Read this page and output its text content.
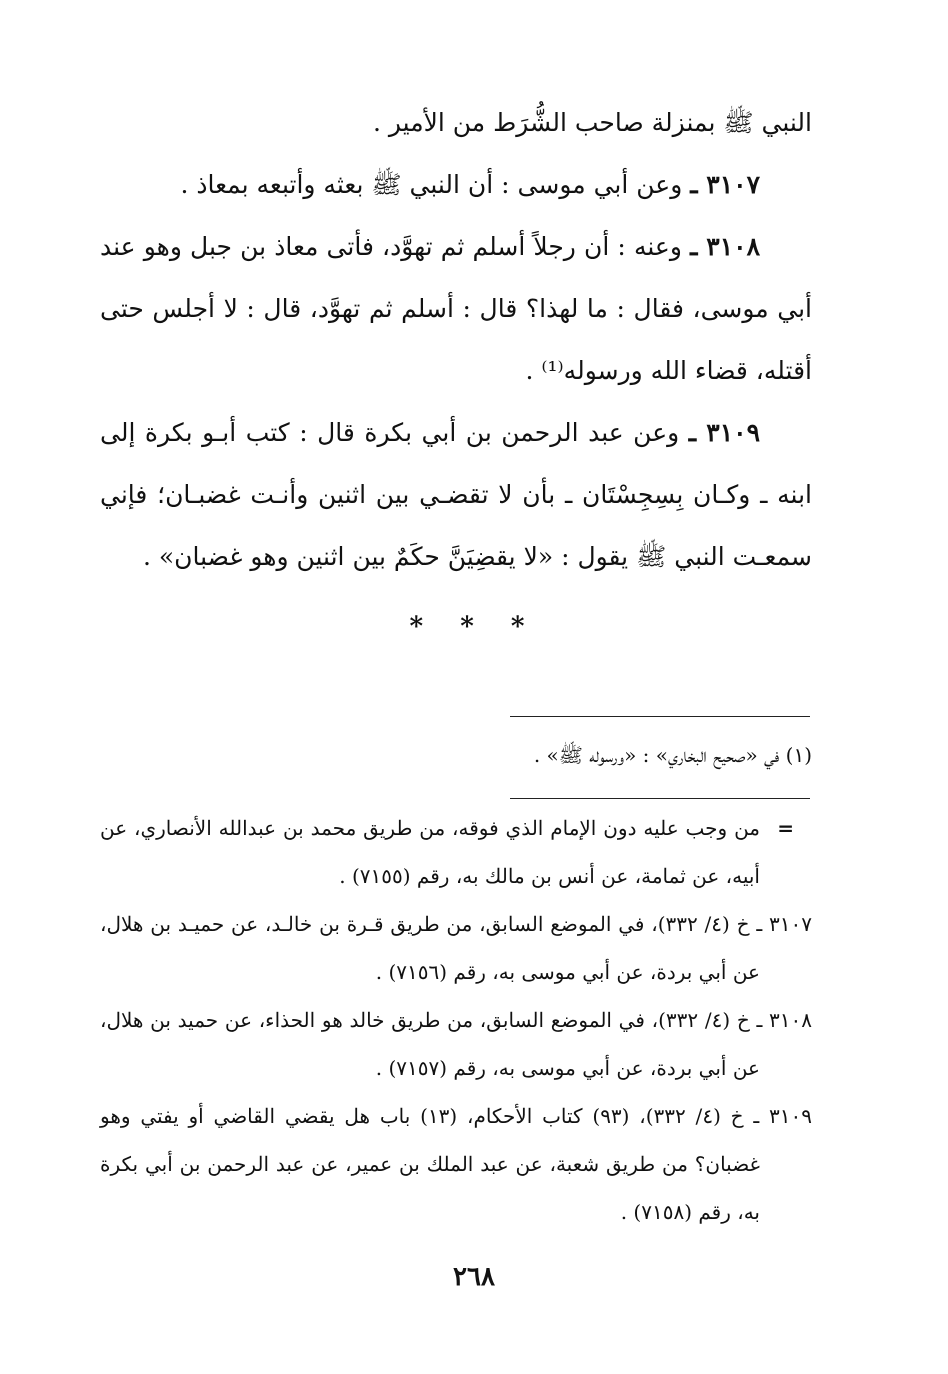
النبي ﷺ بمنزلة صاحب الشُّرَط من الأمير .

٣١٠٧ ـ وعن أبي موسى : أن النبي ﷺ بعثه وأتبعه بمعاذ .

٣١٠٨ ـ وعنه : أن رجلاً أسلم ثم تهوَّد، فأتى معاذ بن جبل وهو عند أبي موسى، فقال : ما لهذا؟ قال : أسلم ثم تهوَّد، قال : لا أجلس حتى أقتله، قضاء الله ورسوله⁽¹⁾ .

٣١٠٩ ـ وعن عبد الرحمن بن أبي بكرة قال : كتب أبـو بكرة إلى ابنه ـ وكـان بِسِجِسْتَان ـ بأن لا تقضـي بين اثنين وأنـت غضبـان؛ فإني سمعـت النبي ﷺ يقول : «لا يقضِيَنَّ حكَمٌ بين اثنين وهو غضبان» .

* * *
(١) في «صحيح البخاري» : «ورسوله ﷺ» .
=

من وجب عليه دون الإمام الذي فوقه، من طريق محمد بن عبدالله الأنصاري، عن أبيه، عن ثمامة، عن أنس بن مالك به، رقم (٧١٥٥) .

٣١٠٧ ـ خ (٤/ ٣٣٢)، في الموضع السابق، من طريق قـرة بن خالـد، عن حميـد بن هلال، عن أبي بردة، عن أبي موسى به، رقم (٧١٥٦) .

٣١٠٨ ـ خ (٤/ ٣٣٢)، في الموضع السابق، من طريق خالد هو الحذاء، عن حميد بن هلال، عن أبي بردة، عن أبي موسى به، رقم (٧١٥٧) .

٣١٠٩ ـ خ (٤/ ٣٣٢)، (٩٣) كتاب الأحكام، (١٣) باب هل يقضي القاضي أو يفتي وهو غضبان؟ من طريق شعبة، عن عبد الملك بن عمير، عن عبد الرحمن بن أبي بكرة به، رقم (٧١٥٨) .

٢٦٨
